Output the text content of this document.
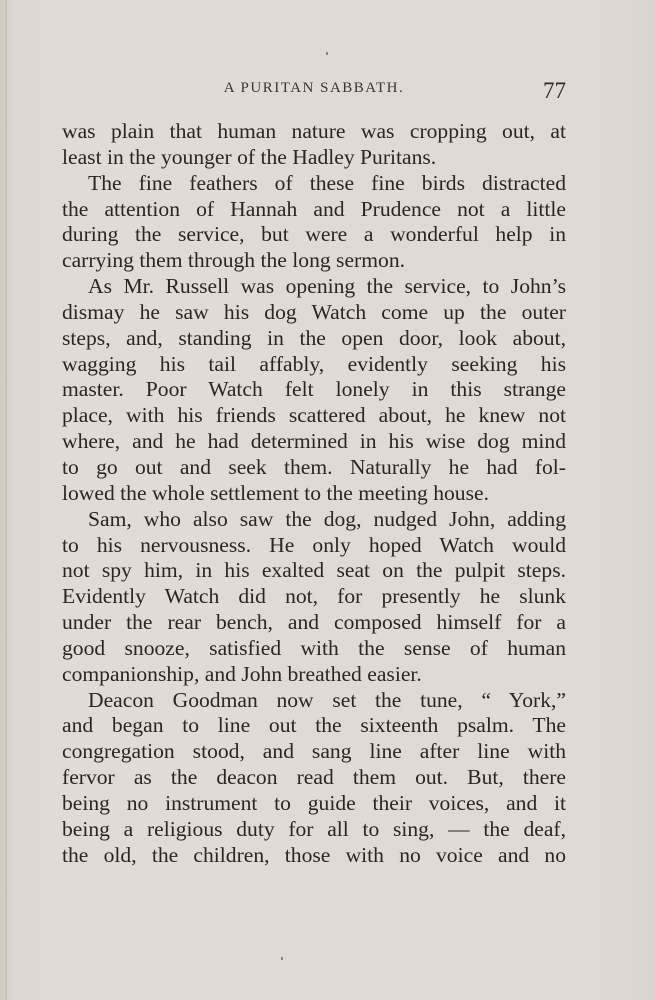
A PURITAN SABBATH.	77
was plain that human nature was cropping out, at
least in the younger of the Hadley Puritans.
The fine feathers of these fine birds distracted
the attention of Hannah and Prudence not a little
during the service, but were a wonderful help in
carrying them through the long sermon.
As Mr. Russell was opening the service, to John’s
dismay he saw his dog Watch come up the outer
steps, and, standing in the open door, look about,
wagging his tail affably, evidently seeking his
master. Poor Watch felt lonely in this strange
place, with his friends scattered about, he knew not
where, and he had determined in his wise dog mind
to go out and seek them. Naturally he had fol-
lowed the whole settlement to the meeting house.
Sam, who also saw the dog, nudged John, adding
to his nervousness. He only hoped Watch would
not spy him, in his exalted seat on the pulpit steps.
Evidently Watch did not, for presently he slunk
under the rear bench, and composed himself for a
good snooze, satisfied with the sense of human
companionship, and John breathed easier.
Deacon Goodman now set the tune, “ York,”
and began to line out the sixteenth psalm. The
congregation stood, and sang line after line with
fervor as the deacon read them out. But, there
being no instrument to guide their voices, and it
being a religious duty for all to sing, — the deaf,
the old, the children, those with no voice and no
